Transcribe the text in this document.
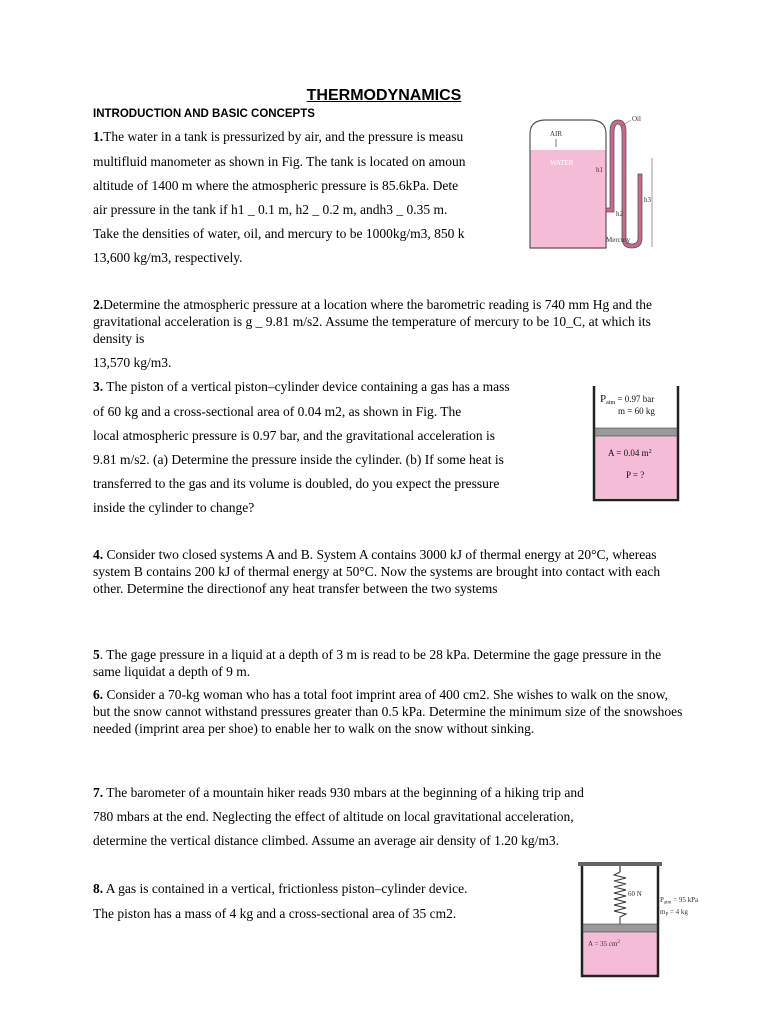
THERMODYNAMICS
INTRODUCTION AND BASIC CONCEPTS
1.The water in a tank is pressurized by air, and the pressure is measu
multifluid manometer as shown in Fig. The tank is located on amoun
altitude of 1400 m where the atmospheric pressure is 85.6kPa. Dete
air pressure in the tank if h1 _ 0.1 m, h2 _ 0.2 m, andh3 _ 0.35 m.
Take the densities of water, oil, and mercury to be 1000kg/m3, 850 k
13,600 kg/m3, respectively.
AIR
WATER
Oil
h1
h2
h3
Mercury
2.Determine the atmospheric pressure at a location where the barometric reading is 740 mm Hg and the gravitational acceleration is g _ 9.81 m/s2. Assume the temperature of mercury to be 10_C, at which its density is
13,570 kg/m3.
3. The piston of a vertical piston–cylinder device containing a gas has a mass
of 60 kg and a cross-sectional area of 0.04 m2, as shown in Fig. The
local atmospheric pressure is 0.97 bar, and the gravitational acceleration is
9.81 m/s2. (a) Determine the pressure inside the cylinder. (b) If some heat is
transferred to the gas and its volume is doubled, do you expect the pressure
inside the cylinder to change?
$P_{atm} = 0.97$ bar
m = 60 kg
A = 0.04 $m^2$
P = ?
4. Consider two closed systems A and B. System A contains 3000 kJ of thermal energy at 20°C, whereas system B contains 200 kJ of thermal energy at 50°C. Now the systems are brought into contact with each other. Determine the directionof any heat transfer between the two systems
5. The gage pressure in a liquid at a depth of 3 m is read to be 28 kPa. Determine the gage pressure in the same liquidat a depth of 9 m.
6. Consider a 70-kg woman who has a total foot imprint area of 400 cm2. She wishes to walk on the snow, but the snow cannot withstand pressures greater than 0.5 kPa. Determine the minimum size of the snowshoes needed (imprint area per shoe) to enable her to walk on the snow without sinking.
7. The barometer of a mountain hiker reads 930 mbars at the beginning of a hiking trip and
780 mbars at the end. Neglecting the effect of altitude on local gravitational acceleration,
determine the vertical distance climbed. Assume an average air density of 1.20 kg/m3.
8. A gas is contained in a vertical, frictionless piston–cylinder device.
The piston has a mass of 4 kg and a cross-sectional area of 35 cm2.
60 N
$P_{atm} = 95$ kPa
$m_P = 4$ kg
A = 35 $cm^2$
